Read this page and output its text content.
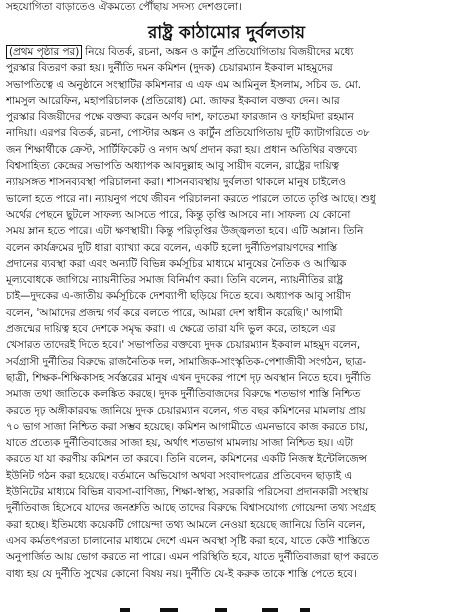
সহযোগিতা বাড়াতেও ঐকমত্যে পৌঁছায় সদস্য দেশগুলো।
রাষ্ট্র কাঠামোর দুর্বলতায়
(প্রথম পৃষ্ঠার পর) নিয়ে বিতর্ক, রচনা, অঙ্কন ও কার্টুন প্রতিযোগিতায় বিজয়ীদের মধ্যে
পুরস্কার বিতরণ করা হয়। দুর্নীতি দমন কমিশন (দুদক) চেয়ারম্যান ইকবাল মাহমুদের
সভাপতিত্বে এ অনুষ্ঠানে সংস্থাটির কমিশনার এ এফ এম আমিনুল ইসলাম, সচিব ড. মো.
শামসুল আরেফিন, মহাপরিচালক (প্রতিরোধ) মো. জাফর ইকবাল বক্তব্য দেন। আর
পুরস্কার বিজয়ীদের পক্ষে বক্তব্য করেন অর্ণব দাশ, ফাতেমা ফারজান ও ফাহমিদা রহমান
নাদিয়া। এরপর বিতর্ক, রচনা, পোস্টার অঙ্কন ও কার্টুন প্রতিযোগিতায় দুটি ক্যাটাগরিতে ৩৮
জন শিক্ষার্থীকে ক্রেস্ট, সার্টিফিকেট ও নগদ অর্থ প্রদান করা হয়। প্রধান অতিথির বক্তব্যে
বিশ্বসাহিত্য কেন্দ্রের সভাপতি অধ্যাপক আবদুল্লাহ আবু সায়ীদ বলেন, রাষ্ট্রের দায়িত্ব
ন্যায়সঙ্গত শাসনব্যবস্থা পরিচালনা করা। শাসনব্যবস্থায় দুর্বলতা থাকলে মানুষ চাইলেও
ভালো হতে পারে না। ন্যায়নুগ পথে জীবন পরিচালনা করতে পারলে তাতে তৃপ্তি আছে। শুধু
অর্থের পেছনে ছুটলে সাফল্য আসতে পারে, কিন্তু তৃপ্তি আসবে না। সাফল্য যে কোনো
সময় ম্লান হতে পারে। এটা ক্ষণস্থায়ী। কিন্তু পরিতৃপ্তির উজ্জ্বলতা হবে। এটি অম্লান। তিনি
বলেন কার্যক্রমের দুটি ধারা ব্যাখ্যা করে বলেন, একটি হলো দুর্নীতিপরায়ণদের শাস্তি
প্রদানের ব্যবস্থা করা এবং অন্যটি বিভিন্ন কর্মসূচির মাধ্যমে মানুষের নৈতিক ও আত্মিক
মূল্যবোধকে জাগিয়ে ন্যায়নীতির সমাজ বিনির্মাণ করা। তিনি বলেন, ন্যায়নীতির রাষ্ট্র
চাই—দুদকের এ-জাতীয় কর্মসূচিকে দেশব্যাপী ছড়িয়ে দিতে হবে। অধ্যাপক আবু সায়ীদ
বলেন, 'আমাদের প্রজন্ম গর্ব করে বলতে পারে, আমরা দেশ স্বাধীন করেছি।' আগামী
প্রজন্মের দায়িত্ব হবে দেশকে সমৃদ্ধ করা। এ ক্ষেত্রে তারা যদি ভুল করে, তাহলে এর
খেসারত তাদেরই দিতে হবে।' সভাপতির বক্তব্যে দুদক চেয়ারম্যান ইকবাল মাহমুদ বলেন,
সর্বগ্রাসী দুর্নীতির বিরুদ্ধে রাজনৈতিক দল, সামাজিক-সাংস্কৃতিক-পেশাজীবী সংগঠন, ছাত্র-
ছাত্রী, শিক্ষক-শিক্ষিকাসহ সর্বস্তরের মানুষ এখন দুদকের পাশে দৃঢ় অবস্থান নিতে হবে। দুর্নীতি
সমাজ তথা জাতিকে কলঙ্কিত করছে। দুদক দুর্নীতিবাজদের বিরুদ্ধে শতভাগ শাস্তি নিশ্চিত
করতে দৃঢ় অঙ্গীকারবদ্ধ জানিয়ে দুদক চেয়ারম্যান বলেন, গত বছর কমিশনের মামলায় প্রায়
৭০ ভাগ সাজা নিশ্চিত করা সম্ভব হয়েছে। কমিশন আগামীতে এমনভাবে কাজ করতে চায়,
যাতে প্রত্যেক দুর্নীতিবাজের সাজা হয়, অর্থাৎ শতভাগ মামলায় সাজা নিশ্চিত হয়। এটা
করতে যা যা করণীয় কমিশন তা করবে। তিনি বলেন, কমিশনের একটি নিজস্ব ইন্টেলিজেন্স
ইউনিট গঠন করা হয়েছে। বর্তমানে অভিযোগ অথবা সংবাদপত্রের প্রতিবেদন ছাড়াই এ
ইউনিটের মাধ্যমে বিভিন্ন ব্যবসা-বাণিজ্য, শিক্ষা-স্বাস্থ্য, সরকারি পরিসেবা প্রদানকারী সংস্থায়
দুর্নীতিবাজ হিসেবে যাদের জনশ্রুতি আছে তাদের বিরুদ্ধে বিশ্বাসযোগ্য গোয়েন্দা তথ্য সংগ্রহ
করা হচ্ছে। ইতিমধ্যে কয়েকটি গোয়েন্দা তথ্য আমলে নেওয়া হয়েছে জানিয়ে তিনি বলেন,
এসব কর্মতৎপরতা চালানোর মাধ্যমে দেশে এমন অবস্থা সৃষ্টি করা হবে, যাতে কেউ শাস্তিতে
অনুপার্জিত আয় ভোগ করতে না পারে। এমন পরিস্থিতি হবে, যাতে দুর্নীতিবাজরা ছাপ করতে
বাধ্য হয় যে দুর্নীতি সুখের কোনো বিষয় নয়। দুর্নীতি যে-ই করুক তাকে শাস্তি পেতে হবে।
